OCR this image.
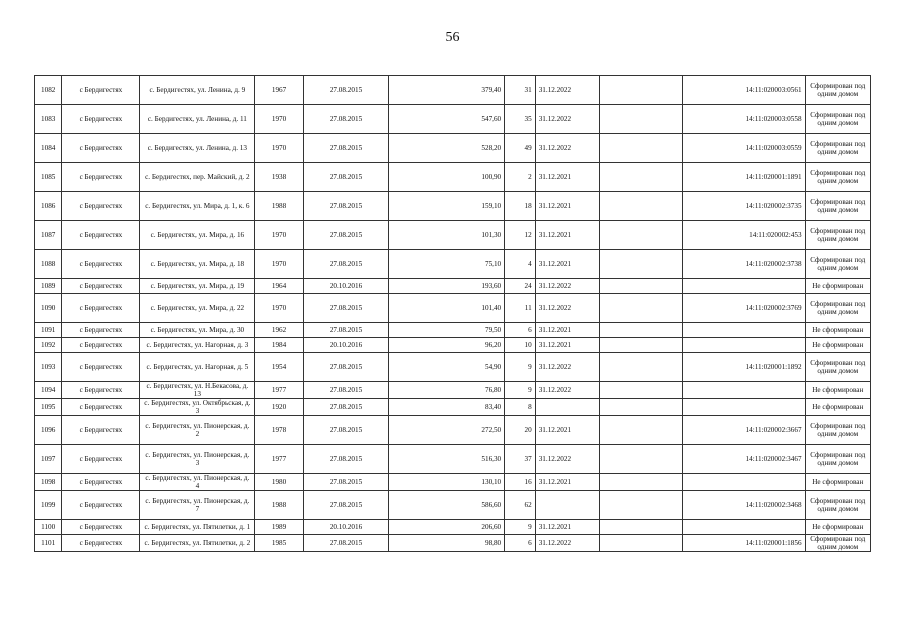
56
1082	с Бердигестях	с. Бердигестях, ул. Ленина, д. 9	1967	27.08.2015	379,40	31	31.12.2022		14:11:020003:0561	Сформирован под одним домом
1083	с Бердигестях	с. Бердигестях, ул. Ленина, д. 11	1970	27.08.2015	547,60	35	31.12.2022		14:11:020003:0558	Сформирован под одним домом
1084	с Бердигестях	с. Бердигестях, ул. Ленина, д. 13	1970	27.08.2015	528,20	49	31.12.2022		14:11:020003:0559	Сформирован под одним домом
1085	с Бердигестях	с. Бердигестях, пер. Майский, д. 2	1938	27.08.2015	100,90	2	31.12.2021		14:11:020001:1891	Сформирован под одним домом
1086	с Бердигестях	с. Бердигестях, ул. Мира, д. 1, к. 6	1988	27.08.2015	159,10	18	31.12.2021		14:11:020002:3735	Сформирован под одним домом
1087	с Бердигестях	с. Бердигестях, ул. Мира, д. 16	1970	27.08.2015	101,30	12	31.12.2021		14:11:020002:453	Сформирован под одним домом
1088	с Бердигестях	с. Бердигестях, ул. Мира, д. 18	1970	27.08.2015	75,10	4	31.12.2021		14:11:020002:3738	Сформирован под одним домом
1089	с Бердигестях	с. Бердигестях, ул. Мира, д. 19	1964	20.10.2016	193,60	24	31.12.2022			Не сформирован
1090	с Бердигестях	с. Бердигестях, ул. Мира, д. 22	1970	27.08.2015	101,40	11	31.12.2022		14:11:020002:3769	Сформирован под одним домом
1091	с Бердигестях	с. Бердигестях, ул. Мира, д. 30	1962	27.08.2015	79,50	6	31.12.2021			Не сформирован
1092	с Бердигестях	с. Бердигестях, ул. Нагорная, д. 3	1984	20.10.2016	96,20	10	31.12.2021			Не сформирован
1093	с Бердигестях	с. Бердигестях, ул. Нагорная, д. 5	1954	27.08.2015	54,90	9	31.12.2022		14:11:020001:1892	Сформирован под одним домом
1094	с Бердигестях	с. Бердигестях, ул. Н.Бекасова, д. 13	1977	27.08.2015	76,80	9	31.12.2022			Не сформирован
1095	с Бердигестях	с. Бердигестях, ул. Октябрьская, д. 3	1920	27.08.2015	83,40	8				Не сформирован
1096	с Бердигестях	с. Бердигестях, ул. Пионерская, д. 2	1978	27.08.2015	272,50	20	31.12.2021		14:11:020002:3667	Сформирован под одним домом
1097	с Бердигестях	с. Бердигестях, ул. Пионерская, д. 3	1977	27.08.2015	516,30	37	31.12.2022		14:11:020002:3467	Сформирован под одним домом
1098	с Бердигестях	с. Бердигестях, ул. Пионерская, д. 4	1980	27.08.2015	130,10	16	31.12.2021			Не сформирован
1099	с Бердигестях	с. Бердигестях, ул. Пионерская, д. 7	1988	27.08.2015	586,60	62			14:11:020002:3468	Сформирован под одним домом
1100	с Бердигестях	с. Бердигестях, ул. Пятилетки, д. 1	1989	20.10.2016	206,60	9	31.12.2021			Не сформирован
1101	с Бердигестях	с. Бердигестях, ул. Пятилетки, д. 2	1985	27.08.2015	98,80	6	31.12.2022		14:11:020001:1856	Сформирован под одним домом
